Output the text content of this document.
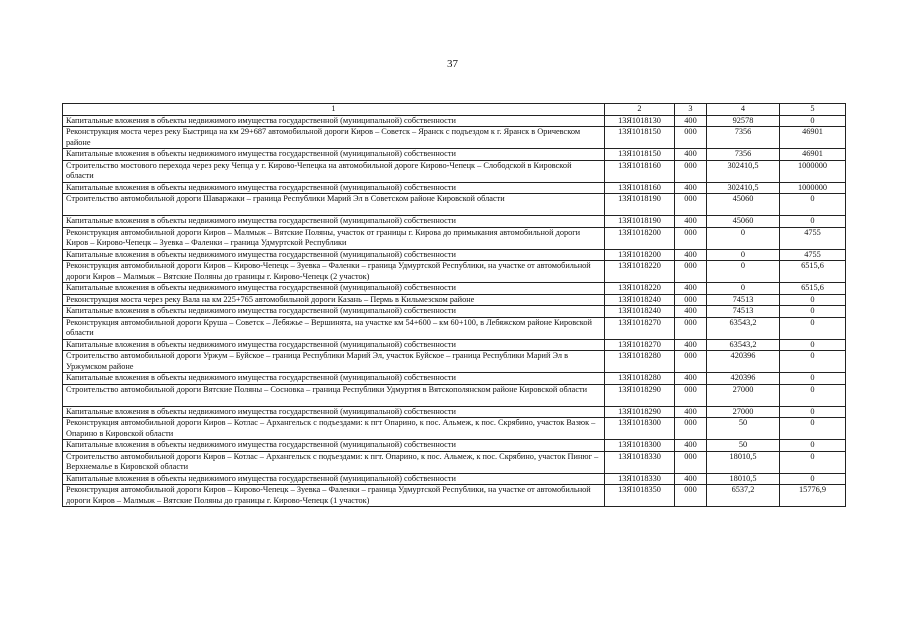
37
1	2	3	4	5
Капитальные вложения в объекты недвижимого имущества государственной (муниципальной) собственности	13Я1018130	400	92578	0
Реконструкция моста через реку Быстрица на км 29+687 автомобильной дороги Киров – Советск – Яранск с подъездом к г. Яранск в Оричевском районе	13Я1018150	000	7356	46901
Капитальные вложения в объекты недвижимого имущества государственной (муниципальной) собственности	13Я1018150	400	7356	46901
Строительство мостового перехода через реку Чепца у г. Кирово-Чепецка на автомобильной дороге Кирово-Чепецк – Слободской в Кировской области	13Я1018160	000	302410,5	1000000
Капитальные вложения в объекты недвижимого имущества государственной (муниципальной) собственности	13Я1018160	400	302410,5	1000000
Строительство автомобильной дороги Шаваржаки – граница Республики Марий Эл в Советском районе Кировской области	13Я1018190	000	45060	0
Капитальные вложения в объекты недвижимого имущества государственной (муниципальной) собственности	13Я1018190	400	45060	0
Реконструкция автомобильной дороги Киров – Малмыж – Вятские Поляны, участок от границы г. Кирова до примыкания автомобильной дороги Киров – Кирово-Чепецк – Зуевка – Фаленки – граница Удмуртской Республики	13Я1018200	000	0	4755
Капитальные вложения в объекты недвижимого имущества государственной (муниципальной) собственности	13Я1018200	400	0	4755
Реконструкция автомобильной дороги Киров – Кирово-Чепецк – Зуевка – Фаленки – граница Удмуртской Республики, на участке от автомобильной дороги Киров – Малмыж – Вятские Поляны до границы г. Кирово-Чепецк (2 участок)	13Я1018220	000	0	6515,6
Капитальные вложения в объекты недвижимого имущества государственной (муниципальной) собственности	13Я1018220	400	0	6515,6
Реконструкция моста через реку Вала на км 225+765 автомобильной дороги Казань – Пермь в Кильмезском районе	13Я1018240	000	74513	0
Капитальные вложения в объекты недвижимого имущества государственной (муниципальной) собственности	13Я1018240	400	74513	0
Реконструкция автомобильной дороги Круша – Советск – Лебяжье – Вершинята, на участке км 54+600 – км 60+100, в Лебяжском районе Кировской области	13Я1018270	000	63543,2	0
Капитальные вложения в объекты недвижимого имущества государственной (муниципальной) собственности	13Я1018270	400	63543,2	0
Строительство автомобильной дороги Уржум – Буйское – граница Республики Марий Эл, участок Буйское – граница Республики Марий Эл в Уржумском районе	13Я1018280	000	420396	0
Капитальные вложения в объекты недвижимого имущества государственной (муниципальной) собственности	13Я1018280	400	420396	0
Строительство автомобильной дороги Вятские Поляны – Сосновка – граница Республики Удмуртия в Вятскополянском районе Кировской области	13Я1018290	000	27000	0
Капитальные вложения в объекты недвижимого имущества государственной (муниципальной) собственности	13Я1018290	400	27000	0
Реконструкция автомобильной дороги Киров – Котлас – Архангельск с подъездами: к пгт Опарино, к пос. Альмеж, к пос. Скрябино, участок Вазюк – Опарино в Кировской области	13Я1018300	000	50	0
Капитальные вложения в объекты недвижимого имущества государственной (муниципальной) собственности	13Я1018300	400	50	0
Строительство автомобильной дороги Киров – Котлас – Архангельск с подъездами: к пгт. Опарино, к пос. Альмеж, к пос. Скрябино, участок Пинюг – Верхнемалье в Кировской области	13Я1018330	000	18010,5	0
Капитальные вложения в объекты недвижимого имущества государственной (муниципальной) собственности	13Я1018330	400	18010,5	0
Реконструкция автомобильной дороги Киров – Кирово-Чепецк – Зуевка – Фаленки – граница Удмуртской Республики, на участке от автомобильной дороги Киров – Малмыж – Вятские Поляны до границы г. Кирово-Чепецк (1 участок)	13Я1018350	000	6537,2	15776,9
